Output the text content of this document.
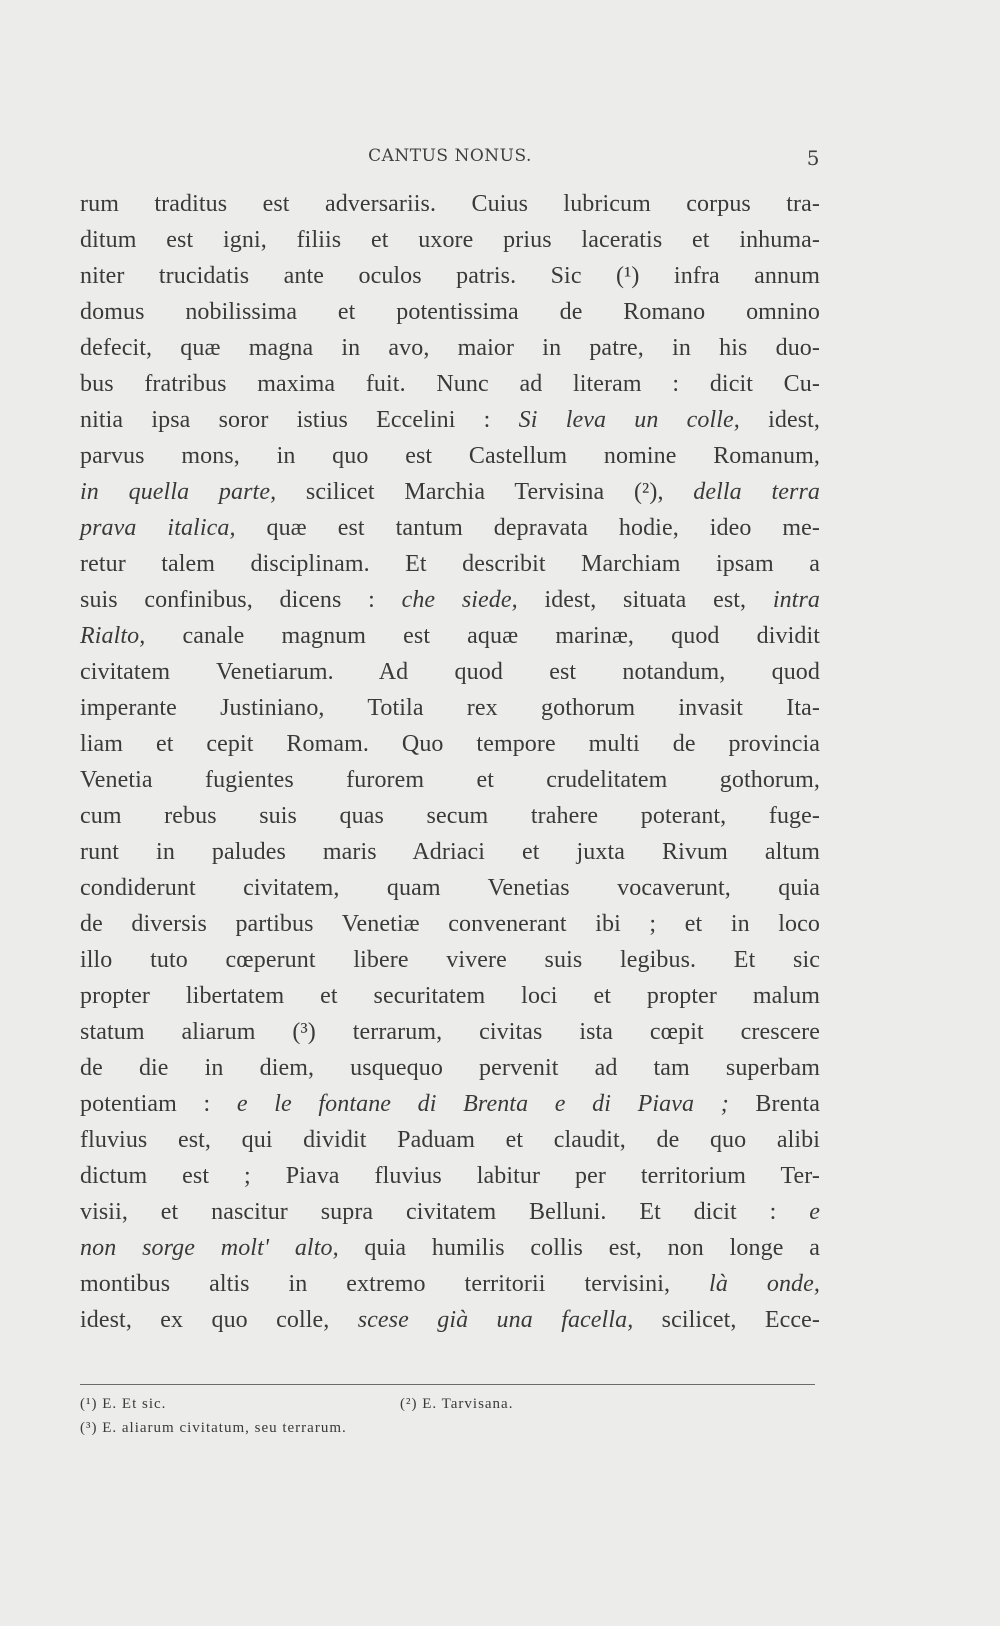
CANTUS NONUS.	5
rum traditus est adversariis. Cuius lubricum corpus tra-
ditum est igni, filiis et uxore prius laceratis et inhuma-
niter trucidatis ante oculos patris. Sic (¹) infra annum
domus nobilissima et potentissima de Romano omnino
defecit, quæ magna in avo, maior in patre, in his duo-
bus fratribus maxima fuit. Nunc ad literam : dicit Cu-
nitia ipsa soror istius Eccelini : Si leva un colle, idest,
parvus mons, in quo est Castellum nomine Romanum,
in quella parte, scilicet Marchia Tervisina (²), della terra
prava italica, quæ est tantum depravata hodie, ideo me-
retur talem disciplinam. Et describit Marchiam ipsam a
suis confinibus, dicens : che siede, idest, situata est, intra
Rialto, canale magnum est aquæ marinæ, quod dividit
civitatem Venetiarum. Ad quod est notandum, quod
imperante Justiniano, Totila rex gothorum invasit Ita-
liam et cepit Romam. Quo tempore multi de provincia
Venetia fugientes furorem et crudelitatem gothorum,
cum rebus suis quas secum trahere poterant, fuge-
runt in paludes maris Adriaci et juxta Rivum altum
condiderunt civitatem, quam Venetias vocaverunt, quia
de diversis partibus Venetiæ convenerant ibi ; et in loco
illo tuto cœperunt libere vivere suis legibus. Et sic
propter libertatem et securitatem loci et propter malum
statum aliarum (³) terrarum, civitas ista cœpit crescere
de die in diem, usquequo pervenit ad tam superbam
potentiam : e le fontane di Brenta e di Piava ; Brenta
fluvius est, qui dividit Paduam et claudit, de quo alibi
dictum est ; Piava fluvius labitur per territorium Ter-
visii, et nascitur supra civitatem Belluni. Et dicit : e
non sorge molt' alto, quia humilis collis est, non longe a
montibus altis in extremo territorii tervisini, là onde,
idest, ex quo colle, scese già una facella, scilicet, Ecce-
(¹) E. Et sic.	(²) E. Tarvisana.
(³) E. aliarum civitatum, seu terrarum.
